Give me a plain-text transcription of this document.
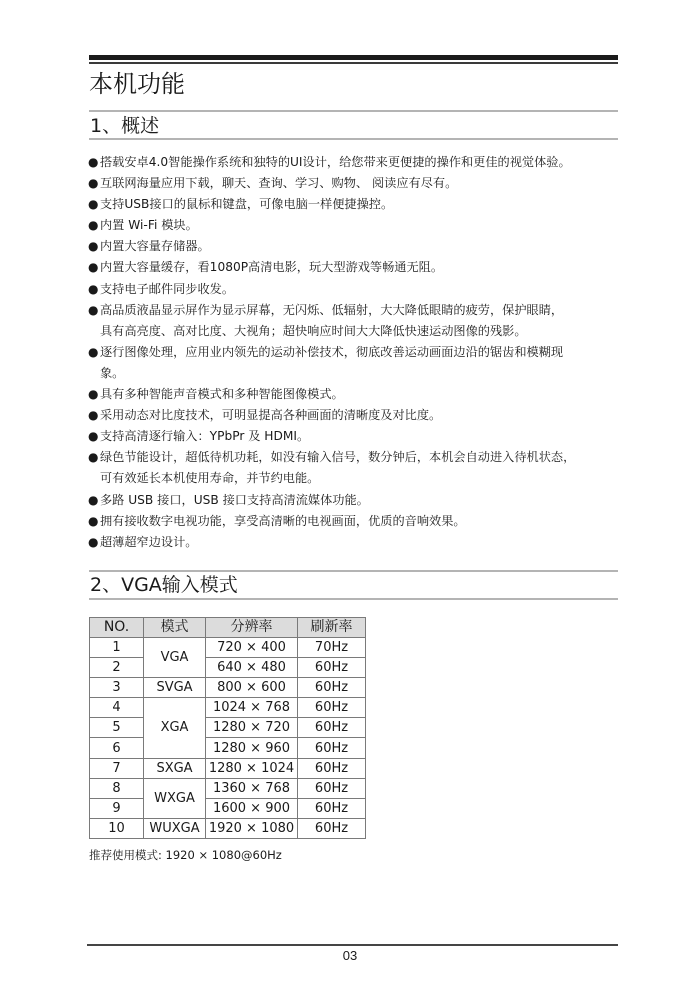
本机功能
1、概述
● 搭载安卓4.0智能操作系统和独特的UI设计，给您带来更便捷的操作和更佳的视觉体验。
● 互联网海量应用下载，聊天、查询、学习、购物、 阅读应有尽有。
● 支持USB接口的鼠标和键盘，可像电脑一样便捷操控。
● 内置 Wi-Fi 模块。
● 内置大容量存储器。
● 内置大容量缓存，看1080P高清电影，玩大型游戏等畅通无阻。
● 支持电子邮件同步收发。
● 高品质液晶显示屏作为显示屏幕，无闪烁、低辐射，大大降低眼睛的疲劳，保护眼睛，
具有高亮度、高对比度、大视角；超快响应时间大大降低快速运动图像的残影。
● 逐行图像处理，应用业内领先的运动补偿技术，彻底改善运动画面边沿的锯齿和模糊现
象。
● 具有多种智能声音模式和多种智能图像模式。
● 采用动态对比度技术，可明显提高各种画面的清晰度及对比度。
● 支持高清逐行输入：YPbPr 及 HDMI。
● 绿色节能设计，超低待机功耗，如没有输入信号，数分钟后，本机会自动进入待机状态，
可有效延长本机使用寿命，并节约电能。
● 多路 USB 接口，USB 接口支持高清流媒体功能。
● 拥有接收数字电视功能，享受高清晰的电视画面，优质的音响效果。
● 超薄超窄边设计。
2、VGA输入模式
NO.	模式	分辨率	刷新率
1	VGA	720 × 400	70Hz
2		640 × 480	60Hz
3	SVGA	800 × 600	60Hz
4	XGA	1024 × 768	60Hz
5		1280 × 720	60Hz
6		1280 × 960	60Hz
7	SXGA	1280 × 1024	60Hz
8	WXGA	1360 × 768	60Hz
9		1600 × 900	60Hz
10	WUXGA	1920 × 1080	60Hz
推荐使用模式: 1920 × 1080@60Hz
03
